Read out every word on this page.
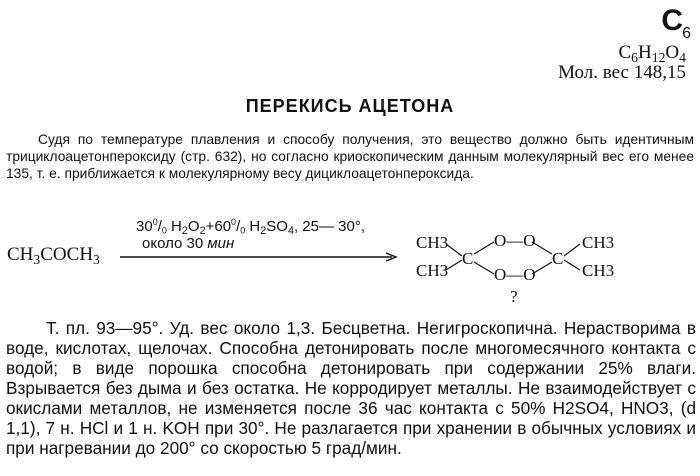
$C_6$
$C_6H_{12}O_4$
Мол. вес 148,15
ПЕРЕКИСЬ АЦЕТОНА

Судя по температуре плавления и способу получения, это вещество должно быть идентичным трициклоацетонпероксиду (стр. 632), но согласно криоскопическим данным молекулярный вес его менее 135, т. е. приближается к молекулярному весу дициклоацетонпероксида.

$CH_3COCH_3$
$30^0/_0$ $H_2O_2+60^0/_0$ $H_2SO_4$, 25— 30°,
около 30 мин	CH3
CH3
C
O—O
O—O
C
CH3
CH3
?

Т. пл. 93—95°. Уд. вес около 1,3. Бесцветна. Негигроскопична. Нерастворима в воде, кислотах, щелочах. Способна детонировать после многомесячного контакта с водой; в виде порошка способна детонировать при содержании 25% влаги. Взрывается без дыма и без остатка. Не корродирует металлы. Не взаимодействует с окислами металлов, не изменяется после 36 час контакта с 50% H2SO4, HNO3, (d 1,1), 7 н. HCl и 1 н. KOH при 30°. Не разлагается при хранении в обычных условиях и при нагревании до 200° со скоростью 5 град/мин.
